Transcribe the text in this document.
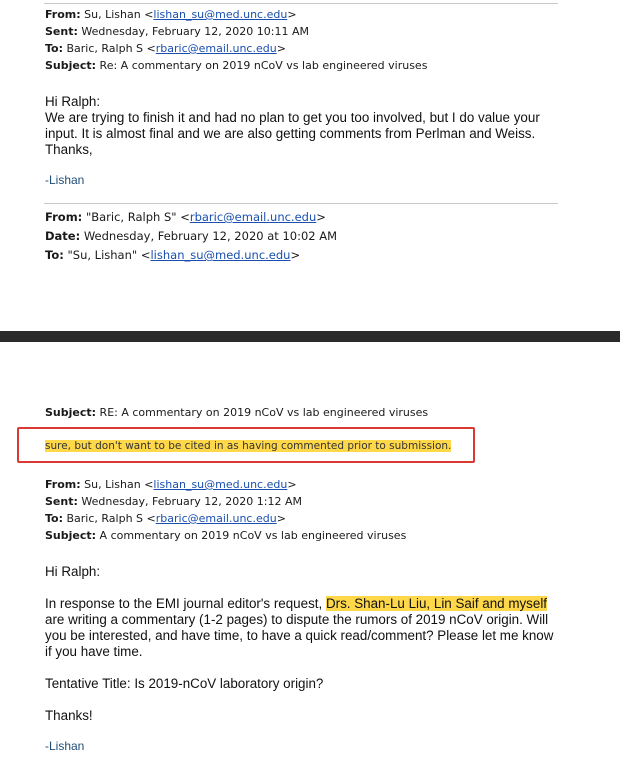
From: Su, Lishan <lishan_su@med.unc.edu>
Sent: Wednesday, February 12, 2020 10:11 AM
To: Baric, Ralph S <rbaric@email.unc.edu>
Subject: Re: A commentary on 2019 nCoV vs lab engineered viruses
Hi Ralph:
We are trying to finish it and had no plan to get you too involved, but I do value your
input. It is almost final and we are also getting comments from Perlman and Weiss.
Thanks,
-Lishan
From: "Baric, Ralph S" <rbaric@email.unc.edu>
Date: Wednesday, February 12, 2020 at 10:02 AM
To: "Su, Lishan" <lishan_su@med.unc.edu>
Subject: RE: A commentary on 2019 nCoV vs lab engineered viruses
sure, but don't want to be cited in as having commented prior to submission.
From: Su, Lishan <lishan_su@med.unc.edu>
Sent: Wednesday, February 12, 2020 1:12 AM
To: Baric, Ralph S <rbaric@email.unc.edu>
Subject: A commentary on 2019 nCoV vs lab engineered viruses
Hi Ralph:
In response to the EMI journal editor's request, Drs. Shan-Lu Liu, Lin Saif and myself
are writing a commentary (1-2 pages) to dispute the rumors of 2019 nCoV origin. Will
you be interested, and have time, to have a quick read/comment? Please let me know
if you have time.
Tentative Title: Is 2019-nCoV laboratory origin?
Thanks!
-Lishan
